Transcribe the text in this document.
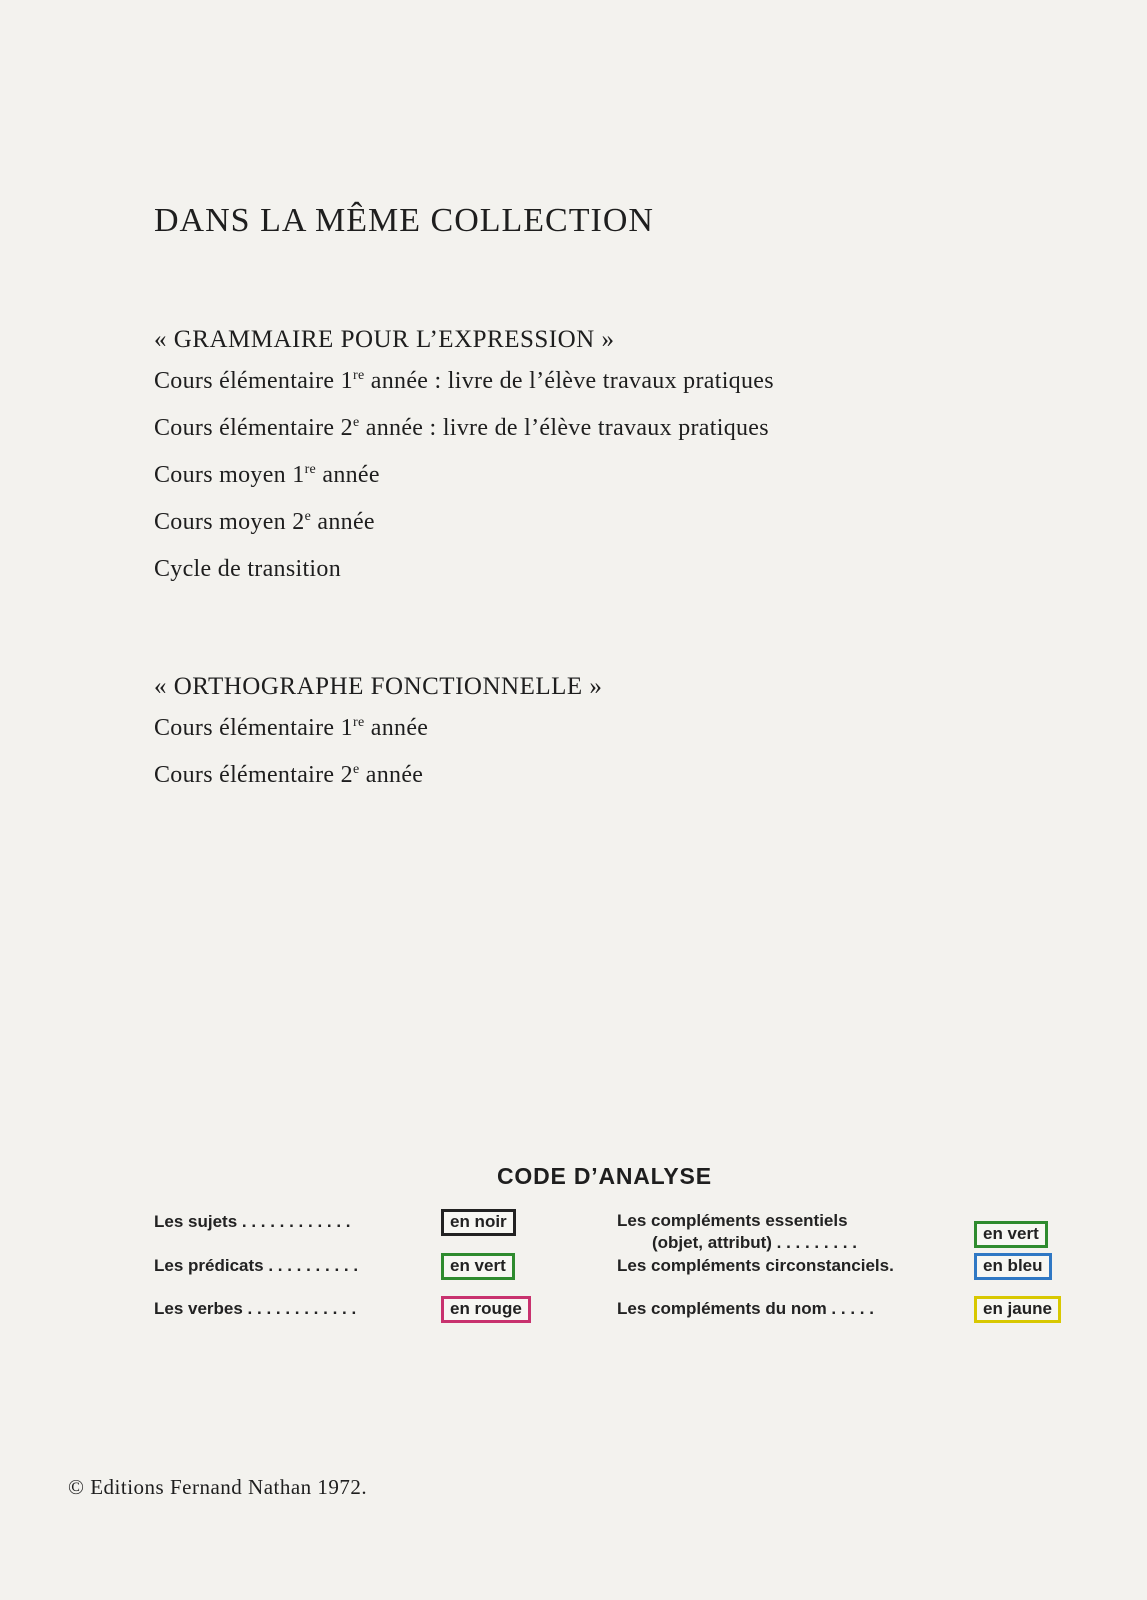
DANS LA MÊME COLLECTION
« GRAMMAIRE POUR L’EXPRESSION »
Cours élémentaire 1re année : livre de l’élève travaux pratiques
Cours élémentaire 2e année : livre de l’élève travaux pratiques
Cours moyen 1re année
Cours moyen 2e année
Cycle de transition
« ORTHOGRAPHE FONCTIONNELLE »
Cours élémentaire 1re année
Cours élémentaire 2e année
CODE D’ANALYSE
Les sujets . . . . . . . . . . . .	en noir
Les prédicats . . . . . . . . . .	en vert
Les verbes . . . . . . . . . . . .	en rouge
Les compléments essentiels
(objet, attribut) . . . . . . . . .	en vert
Les compléments circonstanciels.	en bleu
Les compléments du nom . . . . .	en jaune
© Editions Fernand Nathan 1972.
